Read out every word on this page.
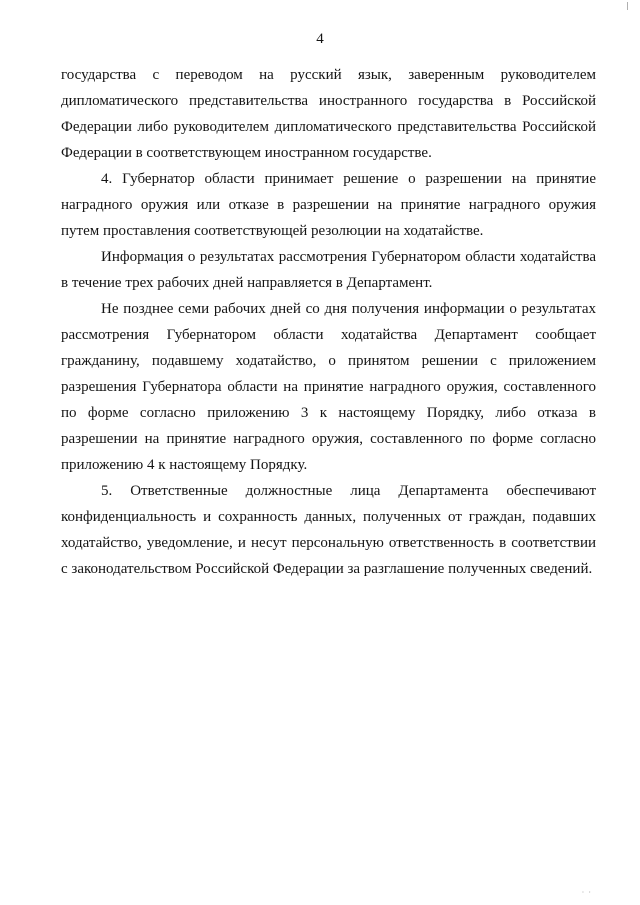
4

государства с переводом на русский язык, заверенным руководителем дипломатического представительства иностранного государства в Российской Федерации либо руководителем дипломатического представительства Российской Федерации в соответствующем иностранном государстве.

4. Губернатор области принимает решение о разрешении на принятие наградного оружия или отказе в разрешении на принятие наградного оружия путем проставления соответствующей резолюции на ходатайстве.

Информация о результатах рассмотрения Губернатором области ходатайства в течение трех рабочих дней направляется в Департамент.

Не позднее семи рабочих дней со дня получения информации о результатах рассмотрения Губернатором области ходатайства Департамент сообщает гражданину, подавшему ходатайство, о принятом решении с приложением разрешения Губернатора области на принятие наградного оружия, составленного по форме согласно приложению 3 к настоящему Порядку, либо отказа в разрешении на принятие наградного оружия, составленного по форме согласно приложению 4 к настоящему Порядку.

5. Ответственные должностные лица Департамента обеспечивают конфиденциальность и сохранность данных, полученных от граждан, подавших ходатайство, уведомление, и несут персональную ответственность в соответствии с законодательством Российской Федерации за разглашение полученных сведений.

· ·
